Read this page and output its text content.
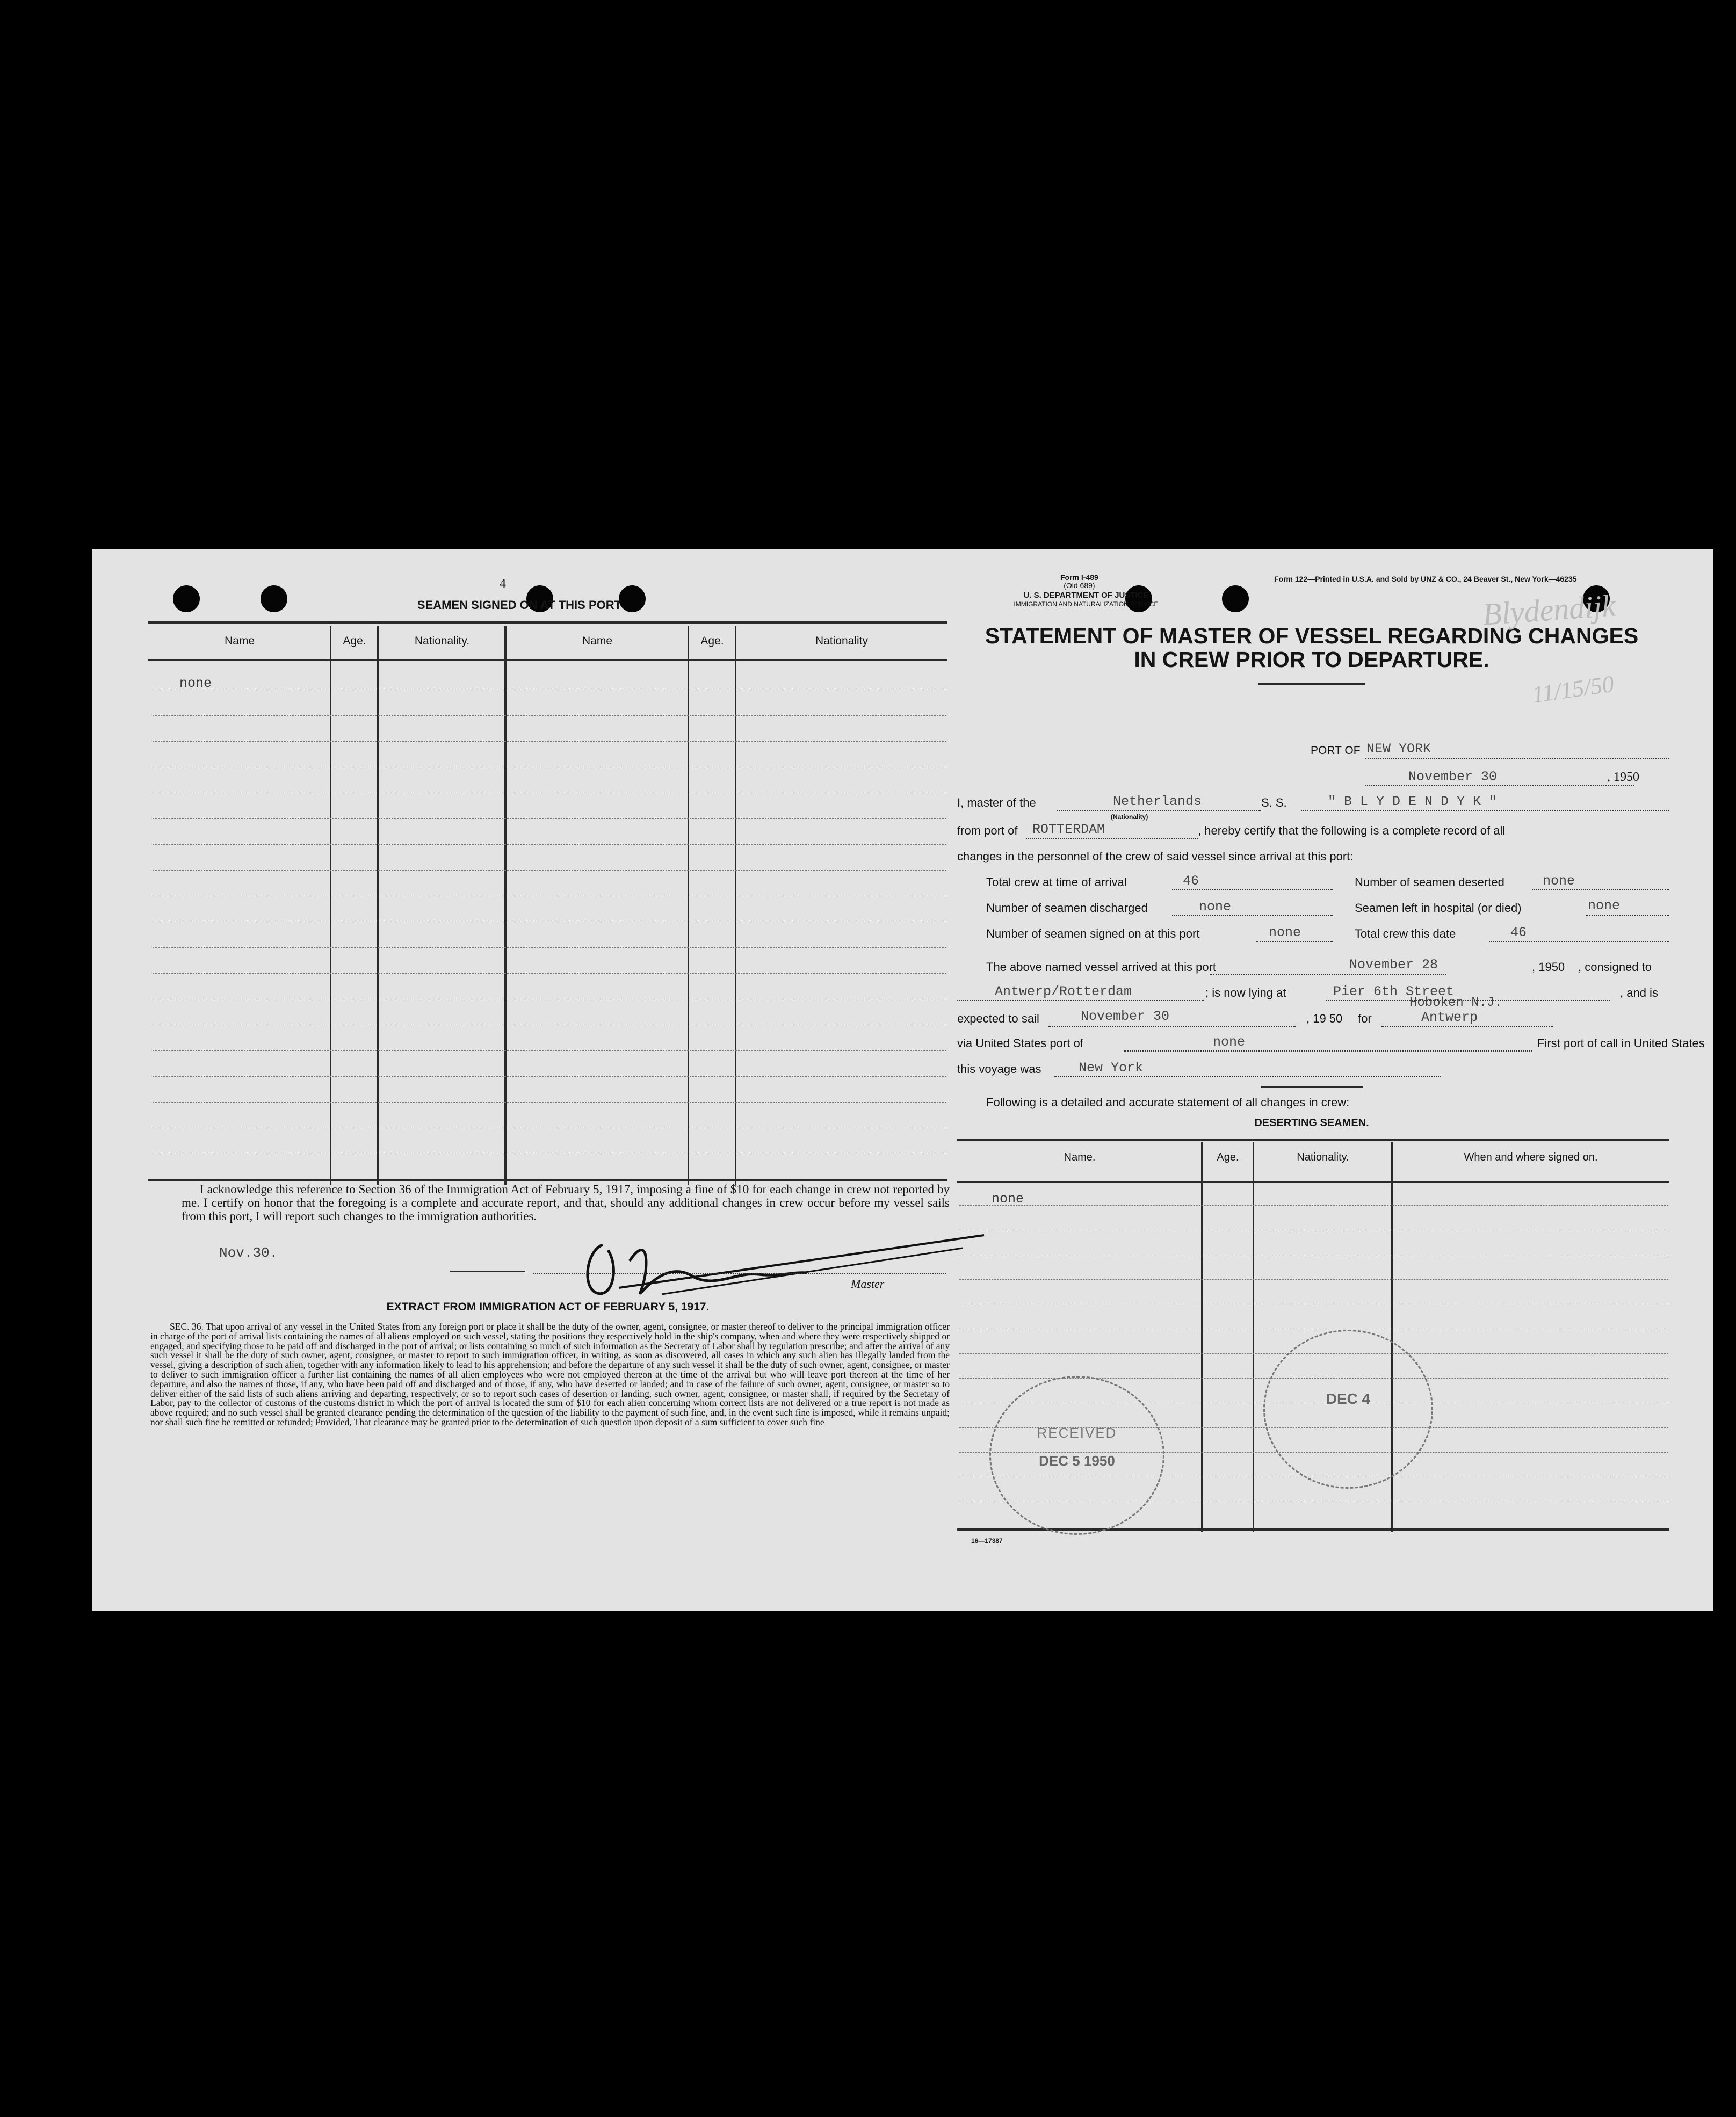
4
SEAMEN SIGNED ON AT THIS PORT
Name	Age.	Nationality.	Name	Age.	Nationality
none
I acknowledge this reference to Section 36 of the Immigration Act of February 5, 1917, imposing a fine of $10 for each change in crew not reported by me. I certify on honor that the foregoing is a complete and accurate report, and that, should any additional changes in crew occur before my vessel sails from this port, I will report such changes to the immigration authorities.
Nov.30.
Master
EXTRACT FROM IMMIGRATION ACT OF FEBRUARY 5, 1917.
SEC. 36. That upon arrival of any vessel in the United States from any foreign port or place it shall be the duty of the owner, agent, consignee, or master thereof to deliver to the principal immigration officer in charge of the port of arrival lists containing the names of all aliens employed on such vessel, stating the positions they respectively hold in the ship's company, when and where they were respectively shipped or engaged, and specifying those to be paid off and discharged in the port of arrival; or lists containing so much of such information as the Secretary of Labor shall by regulation prescribe; and after the arrival of any such vessel it shall be the duty of such owner, agent, consignee, or master to report to such immigration officer, in writing, as soon as discovered, all cases in which any such alien has illegally landed from the vessel, giving a description of such alien, together with any information likely to lead to his apprehension; and before the departure of any such vessel it shall be the duty of such owner, agent, consignee, or master to deliver to such immigration officer a further list containing the names of all alien employees who were not employed thereon at the time of the arrival but who will leave port thereon at the time of her departure, and also the names of those, if any, who have been paid off and discharged and of those, if any, who have deserted or landed; and in case of the failure of such owner, agent, consignee, or master so to deliver either of the said lists of such aliens arriving and departing, respectively, or so to report such cases of desertion or landing, such owner, agent, consignee, or master shall, if required by the Secretary of Labor, pay to the collector of customs of the customs district in which the port of arrival is located the sum of $10 for each alien concerning whom correct lists are not delivered or a true report is not made as above required; and no such vessel shall be granted clearance pending the determination of the question of the liability to the payment of such fine, and, in the event such fine is imposed, while it remains unpaid; nor shall such fine be remitted or refunded; Provided, That clearance may be granted prior to the determination of such question upon deposit of a sum sufficient to cover such fine
Form I-489
(Old 689)
U. S. DEPARTMENT OF JUSTICE
IMMIGRATION AND NATURALIZATION SERVICE
Form 122—Printed in U.S.A. and Sold by UNZ & CO., 24 Beaver St., New York—46235
STATEMENT OF MASTER OF VESSEL REGARDING CHANGES
IN CREW PRIOR TO DEPARTURE.
Blydendijk
11/15/50
PORT OF NEW YORK
November 30	, 1950
I, master of the	Netherlands
(Nationality)
S. S.	" B L Y D E N D Y K "
from port of ROTTERDAM	, hereby certify that the following is a complete record of all
changes in the personnel of the crew of said vessel since arrival at this port:
Total crew at time of arrival	46	Number of seamen deserted	none
Number of seamen discharged	none	Seamen left in hospital (or died)	none
Number of seamen signed on at this port	none	Total crew this date	46
The above named vessel arrived at this port	November 28	, 1950 , consigned to
Antwerp/Rotterdam	; is now lying at	Pier 6th Street	, and is
expected to sail	November 30	, 19 50 for	Antwerp
Hoboken N.J.
via United States port of	none	First port of call in United States
this voyage was	New York
Following is a detailed and accurate statement of all changes in crew:
DESERTING SEAMEN.
Name.	Age.	Nationality.	When and where signed on.
none
RECEIVED
DEC 5 1950
DEC 4
16—17387
